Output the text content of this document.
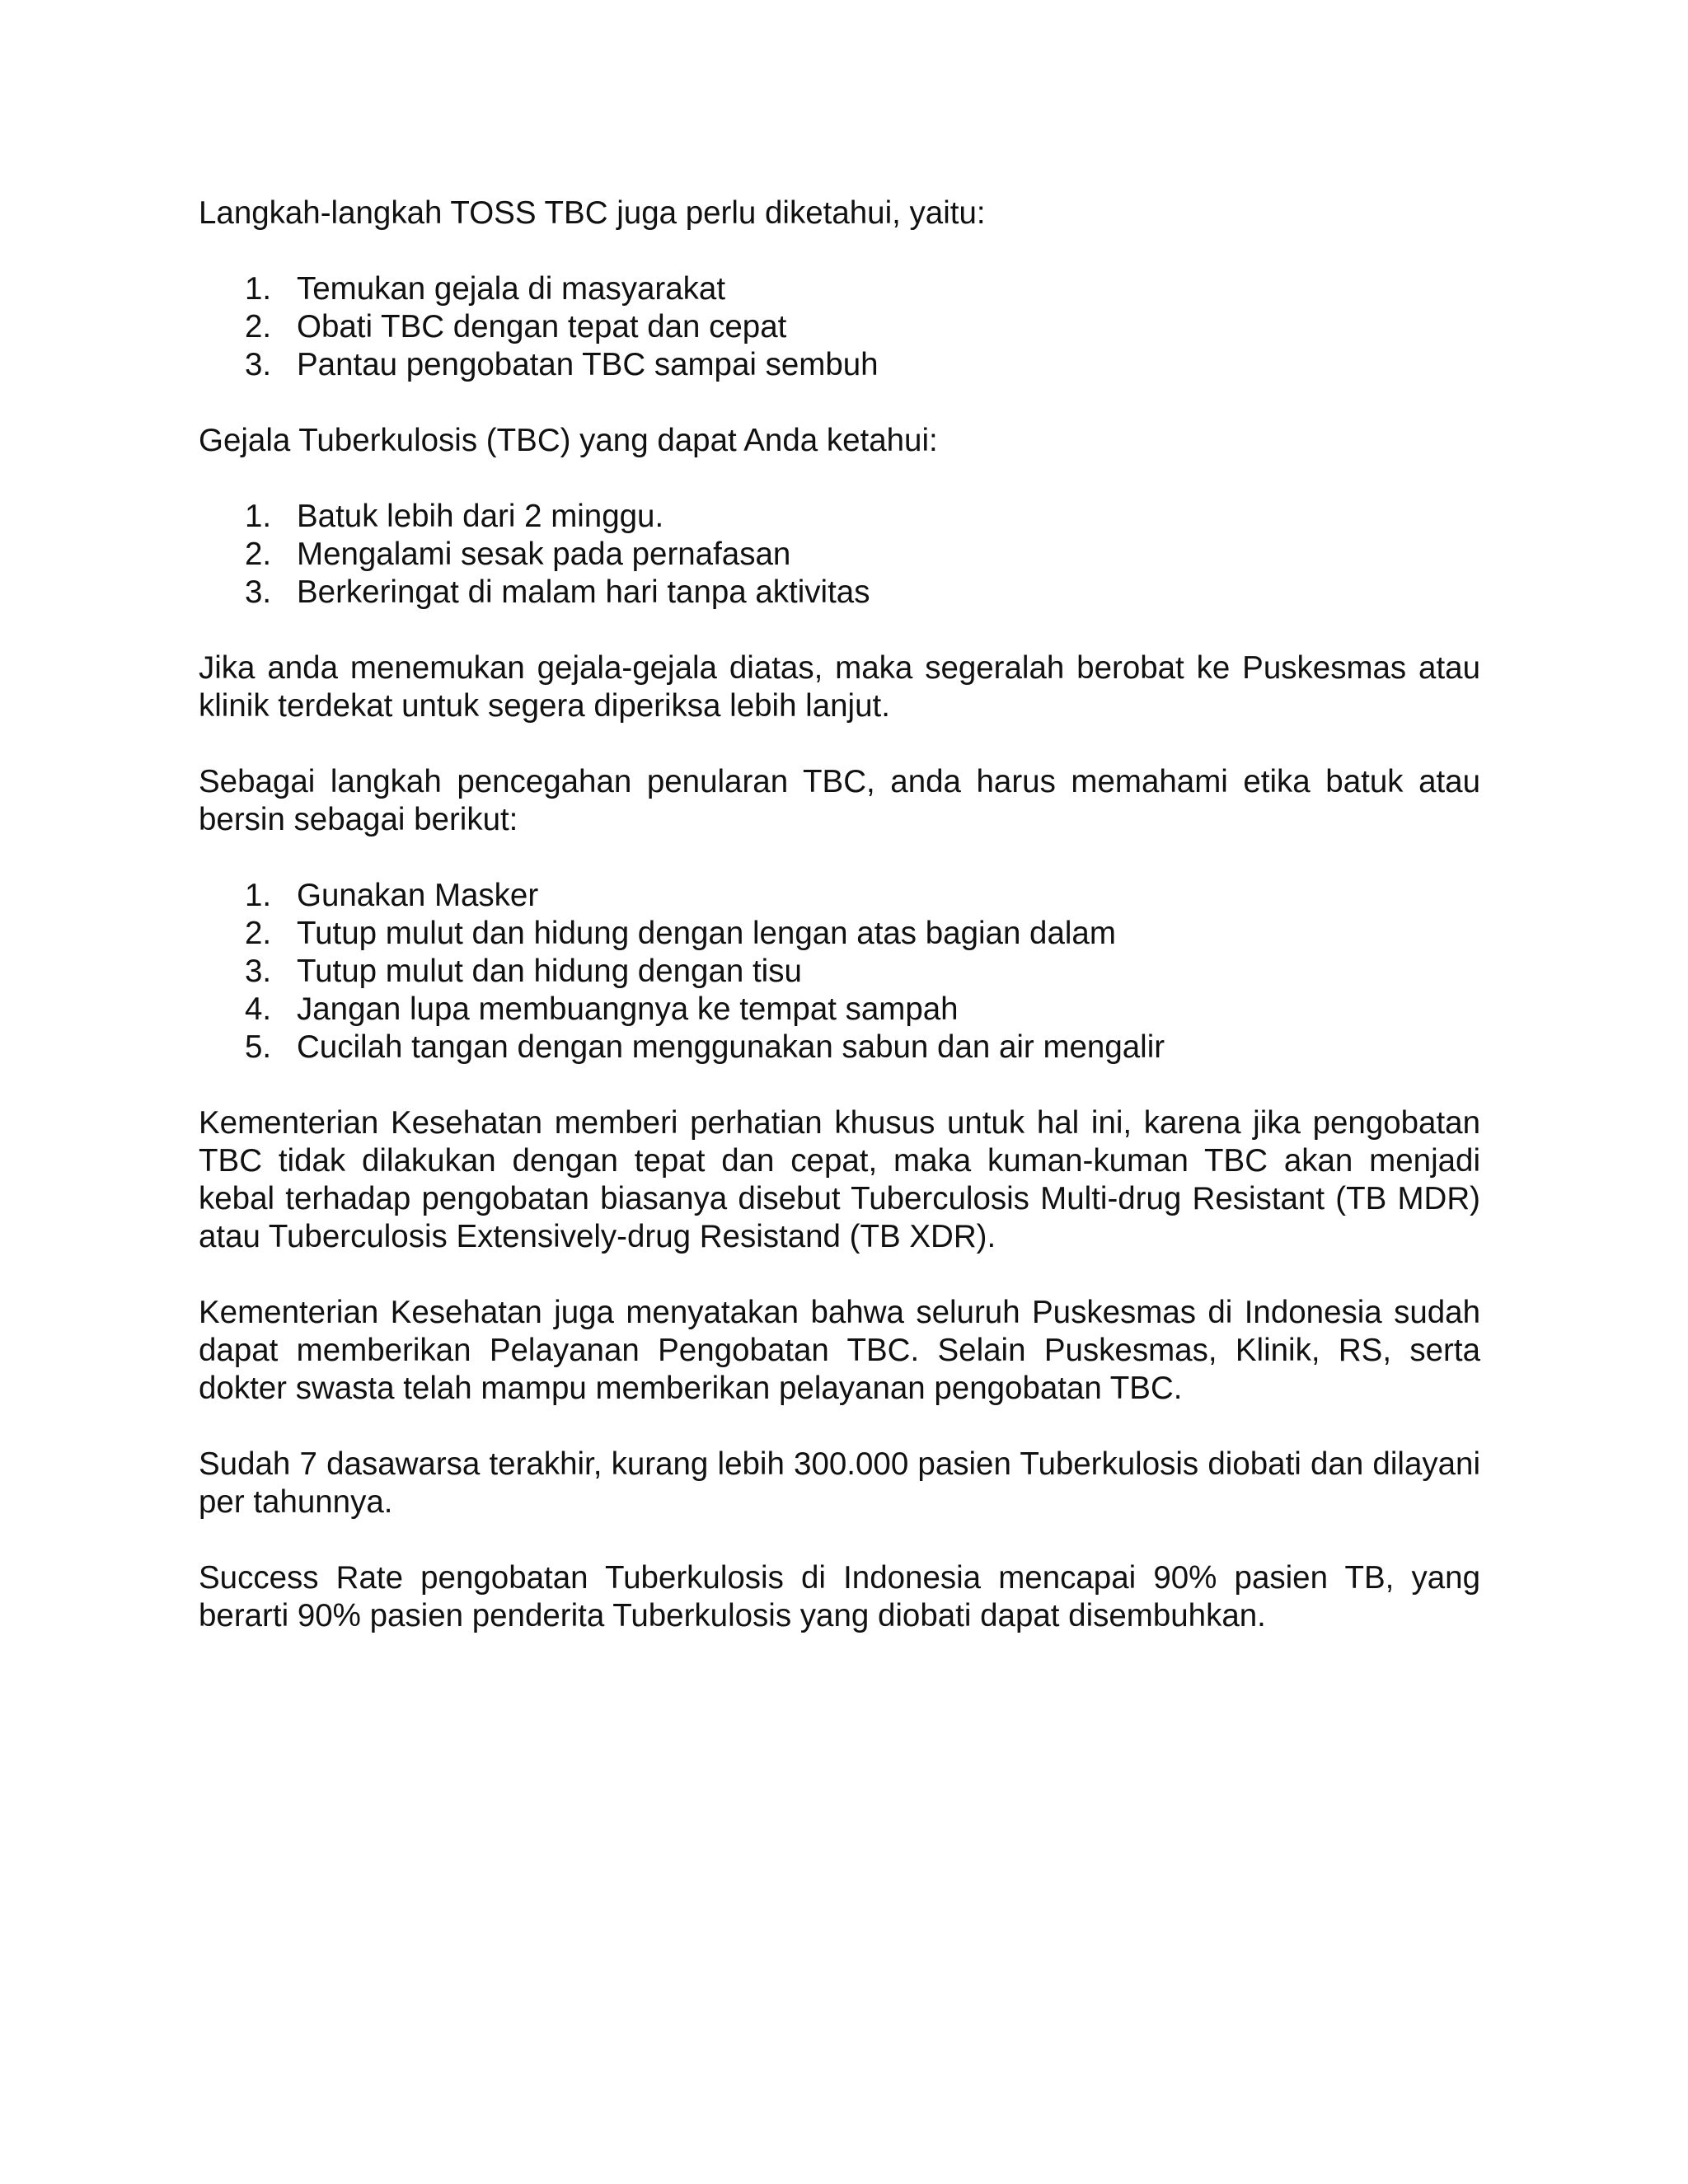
Langkah-langkah TOSS TBC juga perlu diketahui, yaitu:

1. Temukan gejala di masyarakat
2. Obati TBC dengan tepat dan cepat
3. Pantau pengobatan TBC sampai sembuh

Gejala Tuberkulosis (TBC) yang dapat Anda ketahui:

1. Batuk lebih dari 2 minggu.
2. Mengalami sesak pada pernafasan
3. Berkeringat di malam hari tanpa aktivitas

Jika anda menemukan gejala-gejala diatas, maka segeralah berobat ke Puskesmas atau klinik terdekat untuk segera diperiksa lebih lanjut.

Sebagai langkah pencegahan penularan TBC, anda harus memahami etika batuk atau bersin sebagai berikut:

1. Gunakan Masker
2. Tutup mulut dan hidung dengan lengan atas bagian dalam
3. Tutup mulut dan hidung dengan tisu
4. Jangan lupa membuangnya ke tempat sampah
5. Cucilah tangan dengan menggunakan sabun dan air mengalir

Kementerian Kesehatan memberi perhatian khusus untuk hal ini, karena jika pengobatan TBC tidak dilakukan dengan tepat dan cepat, maka kuman-kuman TBC akan menjadi kebal terhadap pengobatan biasanya disebut Tuberculosis Multi-drug Resistant (TB MDR) atau Tuberculosis Extensively-drug Resistand (TB XDR).

Kementerian Kesehatan juga menyatakan bahwa seluruh Puskesmas di Indonesia sudah dapat memberikan Pelayanan Pengobatan TBC. Selain Puskesmas, Klinik, RS, serta dokter swasta telah mampu memberikan pelayanan pengobatan TBC.

Sudah 7 dasawarsa terakhir, kurang lebih 300.000 pasien Tuberkulosis diobati dan dilayani per tahunnya.

Success Rate pengobatan Tuberkulosis di Indonesia mencapai 90% pasien TB, yang berarti 90% pasien penderita Tuberkulosis yang diobati dapat disembuhkan.
